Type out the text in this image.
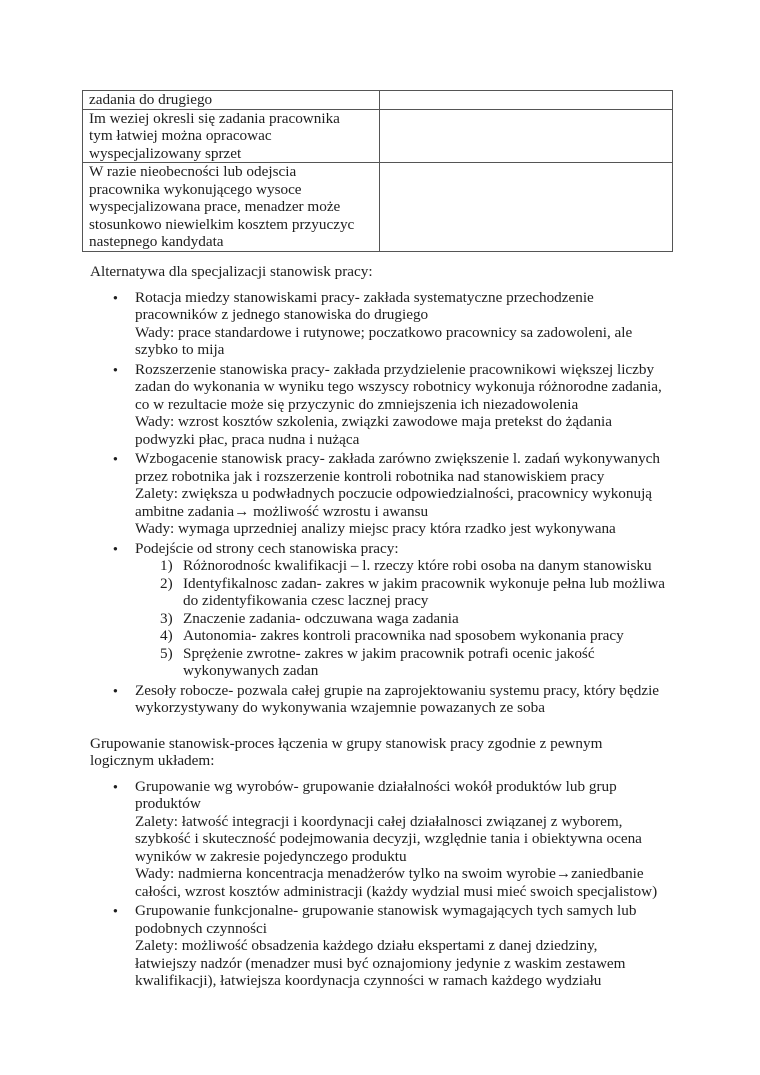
zadania do drugiego	

Im weziej okresli się zadania pracownika
tym łatwiej można opracowac
wyspecjalizowany sprzet	

W razie nieobecności lub odejscia
pracownika wykonującego wysoce
wyspecjalizowana prace, menadzer może
stosunkowo niewielkim kosztem przyuczyc
nastepnego kandydata	

Alternatywa dla specjalizacji stanowisk pracy:
● Rotacja miedzy stanowiskami pracy- zakłada systematyczne przechodzenie
pracowników z jednego stanowiska do drugiego
Wady: prace standardowe i rutynowe; poczatkowo pracownicy sa zadowoleni, ale
szybko to mija
● Rozszerzenie stanowiska pracy- zakłada przydzielenie pracownikowi większej liczby
zadan do wykonania w wyniku tego wszyscy robotnicy wykonuja różnorodne zadania,
co w rezultacie może się przyczynic do zmniejszenia ich niezadowolenia
Wady: wzrost kosztów szkolenia, związki zawodowe maja pretekst do żądania
podwyzki płac, praca nudna i nużąca
● Wzbogacenie stanowisk pracy- zakłada zarówno zwiększenie l. zadań wykonywanych
przez robotnika jak i rozszerzenie kontroli robotnika nad stanowiskiem pracy
Zalety: zwiększa u podwładnych poczucie odpowiedzialności, pracownicy wykonują
ambitne zadania→ możliwość wzrostu i awansu
Wady: wymaga uprzedniej analizy miejsc pracy która rzadko jest wykonywana
● Podejście od strony cech stanowiska pracy:
1) Różnorodnośc kwalifikacji – l. rzeczy które robi osoba na danym stanowisku
2) Identyfikalnosc zadan- zakres w jakim pracownik wykonuje pełna lub możliwa
do zidentyfikowania czesc lacznej pracy
3) Znaczenie zadania- odczuwana waga zadania
4) Autonomia- zakres kontroli pracownika nad sposobem wykonania pracy
5) Sprężenie zwrotne- zakres w jakim pracownik potrafi ocenic jakość
wykonywanych zadan
● Zesoły robocze- pozwala całej grupie na zaprojektowaniu systemu pracy, który będzie
wykorzystywany do wykonywania wzajemnie powazanych ze soba
Grupowanie stanowisk-proces łączenia w grupy stanowisk pracy zgodnie z pewnym
logicznym układem:
● Grupowanie wg wyrobów- grupowanie działalności wokół produktów lub grup
produktów
Zalety: łatwość integracji i koordynacji całej działalnosci związanej z wyborem,
szybkość i skuteczność podejmowania decyzji, względnie tania i obiektywna ocena
wyników w zakresie pojedynczego produktu
Wady: nadmierna koncentracja menadżerów tylko na swoim wyrobie→zaniedbanie
całości, wzrost kosztów administracji (każdy wydzial musi mieć swoich specjalistow)
● Grupowanie funkcjonalne- grupowanie stanowisk wymagających tych samych lub
podobnych czynności
Zalety: możliwość obsadzenia każdego działu ekspertami z danej dziedziny,
łatwiejszy nadzór (menadzer musi być oznajomiony jedynie z waskim zestawem
kwalifikacji), łatwiejsza koordynacja czynności w ramach każdego wydziału
